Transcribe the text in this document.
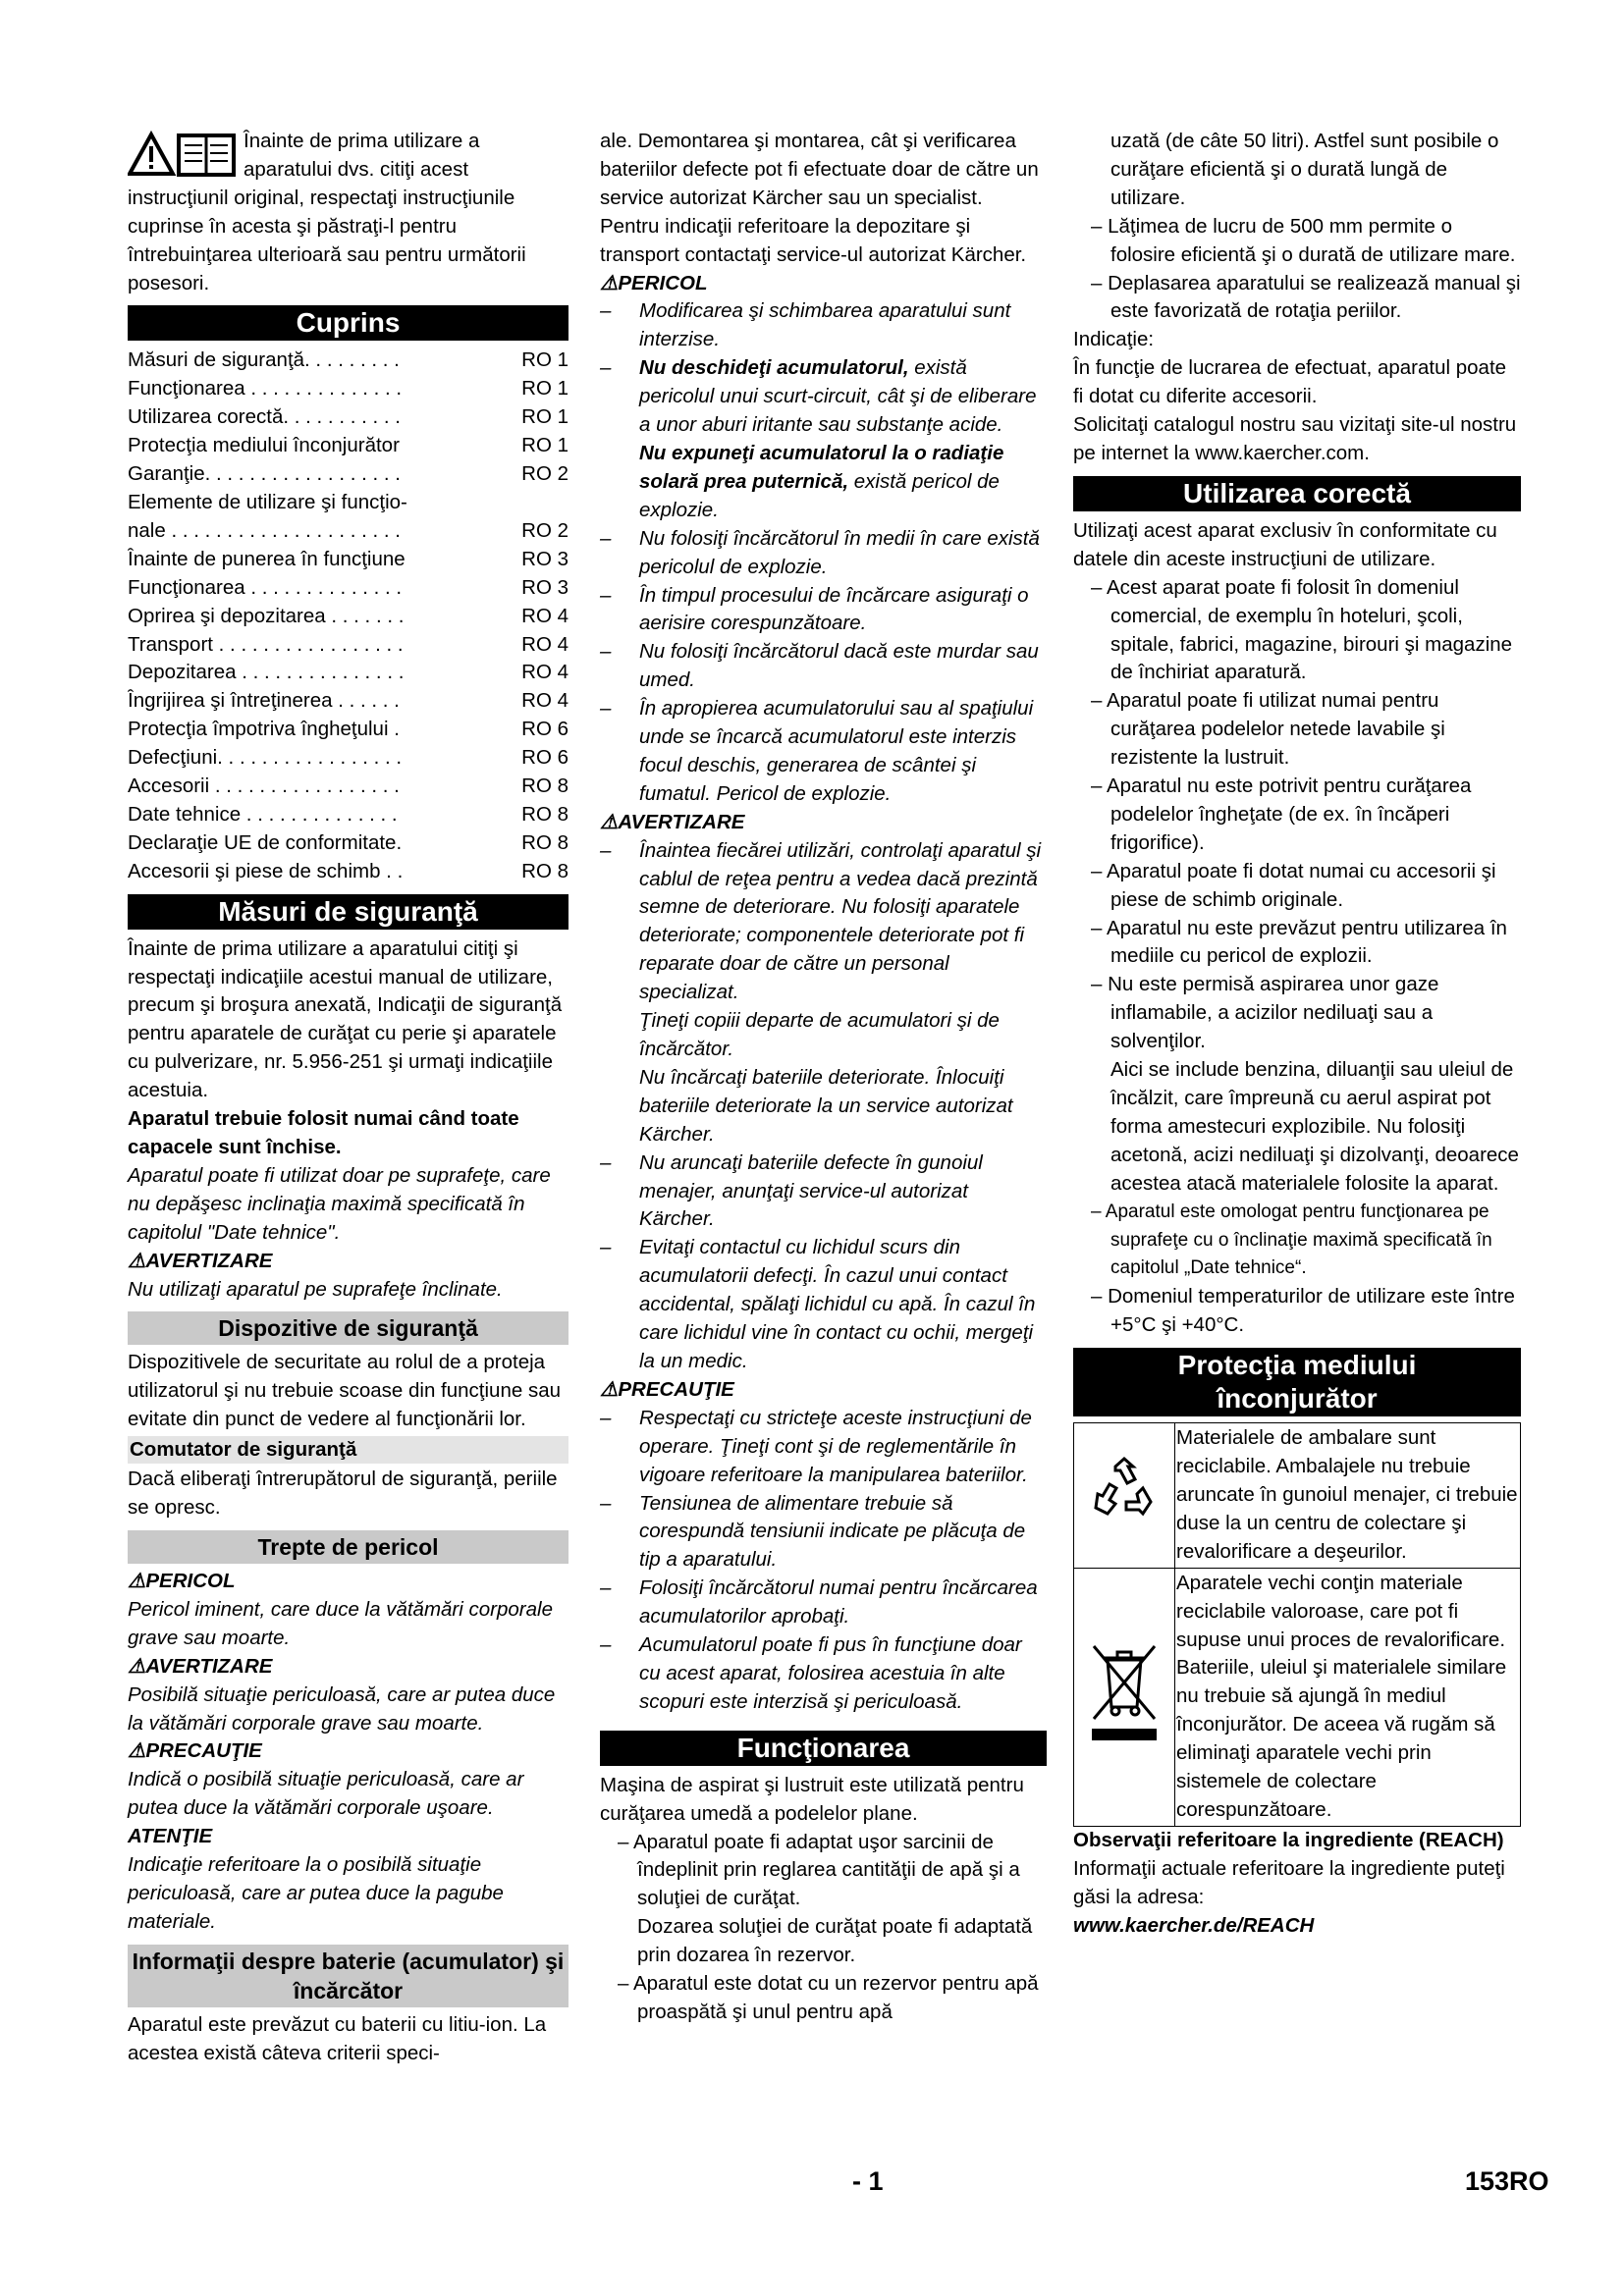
Înainte de prima utilizare a aparatului dvs. citiţi acest instrucţiunil original, respectaţi instrucţiunile cuprinse în acesta şi păstraţi-l pentru întrebuinţarea ulterioară sau pentru următorii posesori.

Cuprins
Măsuri de siguranţă. . . . . . . . .	RO 1
Funcţionarea . . . . . . . . . . . . . .	RO 1
Utilizarea corectă. . . . . . . . . . .	RO 1
Protecţia mediului înconjurător	RO 1
Garanţie. . . . . . . . . . . . . . . . . .	RO 2
Elemente de utilizare şi funcţio-
nale . . . . . . . . . . . . . . . . . . . . .	RO 2
Înainte de punerea în funcţiune	RO 3
Funcţionarea . . . . . . . . . . . . . .	RO 3
Oprirea şi depozitarea . . . . . . .	RO 4
Transport . . . . . . . . . . . . . . . . .	RO 4
Depozitarea . . . . . . . . . . . . . . .	RO 4
Îngrijirea şi întreţinerea . . . . . .	RO 4
Protecţia împotriva îngheţului .	RO 6
Defecţiuni. . . . . . . . . . . . . . . . .	RO 6
Accesorii . . . . . . . . . . . . . . . . .	RO 8
Date tehnice . . . . . . . . . . . . . .	RO 8
Declaraţie UE de conformitate.	RO 8
Accesorii şi piese de schimb . .	RO 8
Măsuri de siguranţă

Înainte de prima utilizare a aparatului citiţi şi respectaţi indicaţiile acestui manual de utilizare, precum şi broşura anexată, Indicaţii de siguranţă pentru aparatele de curăţat cu perie şi aparatele cu pulverizare, nr. 5.956-251 şi urmaţi indicaţiile acestuia.

Aparatul trebuie folosit numai când toate capacele sunt închise.

Aparatul poate fi utilizat doar pe suprafeţe, care nu depăşesc inclinaţia maximă specificată în capitolul "Date tehnice".

⚠AVERTIZARE

Nu utilizaţi aparatul pe suprafeţe înclinate.

Dispozitive de siguranţă

Dispozitivele de securitate au rolul de a proteja utilizatorul şi nu trebuie scoase din funcţiune sau evitate din punct de vedere al funcţionării lor.

Comutator de siguranţă

Dacă eliberaţi întrerupătorul de siguranţă, periile se opresc.

Trepte de pericol

⚠PERICOL

Pericol iminent, care duce la vătămări corporale grave sau moarte.

⚠AVERTIZARE

Posibilă situaţie periculoasă, care ar putea duce la vătămări corporale grave sau moarte.

⚠PRECAUŢIE

Indică o posibilă situaţie periculoasă, care ar putea duce la vătămări corporale uşoare.

ATENŢIE

Indicaţie referitoare la o posibilă situaţie periculoasă, care ar putea duce la pagube materiale.

Informaţii despre baterie (acumulator) şi încărcător

Aparatul este prevăzut cu baterii cu litiu-ion. La acestea există câteva criterii speci-

ale. Demontarea şi montarea, cât şi verificarea bateriilor defecte pot fi efectuate doar de către un service autorizat Kärcher sau un specialist.

Pentru indicaţii referitoare la depozitare şi transport contactaţi service-ul autorizat Kärcher.

⚠PERICOL

–	Modificarea şi schimbarea aparatului sunt interzise.
–	Nu deschideţi acumulatorul, există pericolul unui scurt-circuit, cât şi de eliberare a unor aburi iritante sau substanţe acide.
Nu expuneţi acumulatorul la o radiaţie solară prea puternică, există pericol de explozie.
–	Nu folosiţi încărcătorul în medii în care există pericolul de explozie.
–	În timpul procesului de încărcare asiguraţi o aerisire corespunzătoare.
–	Nu folosiţi încărcătorul dacă este murdar sau umed.
–	În apropierea acumulatorului sau al spaţiului unde se încarcă acumulatorul este interzis focul deschis, generarea de scântei şi fumatul. Pericol de explozie.

⚠AVERTIZARE

–	Înaintea fiecărei utilizări, controlaţi aparatul şi cablul de reţea pentru a vedea dacă prezintă semne de deteriorare. Nu folosiţi aparatele deteriorate; componentele deteriorate pot fi reparate doar de către un personal specializat.
Ţineţi copiii departe de acumulatori şi de încărcător.
Nu încărcaţi bateriile deteriorate. Înlocuiţi bateriile deteriorate la un service autorizat Kärcher.
–	Nu aruncaţi bateriile defecte în gunoiul menajer, anunţaţi service-ul autorizat Kärcher.
–	Evitaţi contactul cu lichidul scurs din acumulatorii defecţi. În cazul unui contact accidental, spălaţi lichidul cu apă. În cazul în care lichidul vine în contact cu ochii, mergeţi la un medic.

⚠PRECAUŢIE

–	Respectaţi cu stricteţe aceste instrucţiuni de operare. Ţineţi cont şi de reglementările în vigoare referitoare la manipularea bateriilor.
–	Tensiunea de alimentare trebuie să corespundă tensiunii indicate pe plăcuţa de tip a aparatului.
–	Folosiţi încărcătorul numai pentru încărcarea acumulatorilor aprobaţi.
–	Acumulatorul poate fi pus în funcţiune doar cu acest aparat, folosirea acestuia în alte scopuri este interzisă şi periculoasă.
Funcţionarea

Maşina de aspirat şi lustruit este utilizată pentru curăţarea umedă a podelelor plane.

– Aparatul poate fi adaptat uşor sarcinii de îndeplinit prin reglarea cantităţii de apă şi a soluţiei de curăţat.

Dozarea soluţiei de curăţat poate fi adaptată prin dozarea în rezervor.

– Aparatul este dotat cu un rezervor pentru apă proaspătă şi unul pentru apă

uzată (de câte 50 litri). Astfel sunt posibile o curăţare eficientă şi o durată lungă de utilizare.

– Lăţimea de lucru de 500 mm permite o folosire eficientă şi o durată de utilizare mare.

– Deplasarea aparatului se realizează manual şi este favorizată de rotaţia periilor.

Indicaţie:

În funcţie de lucrarea de efectuat, aparatul poate fi dotat cu diferite accesorii.

Solicitaţi catalogul nostru sau vizitaţi site-ul nostru pe internet la www.kaercher.com.

Utilizarea corectă

Utilizaţi acest aparat exclusiv în conformitate cu datele din aceste instrucţiuni de utilizare.

– Acest aparat poate fi folosit în domeniul comercial, de exemplu în hoteluri, şcoli, spitale, fabrici, magazine, birouri şi magazine de închiriat aparatură.

– Aparatul poate fi utilizat numai pentru curăţarea podelelor netede lavabile şi rezistente la lustruit.

– Aparatul nu este potrivit pentru curăţarea podelelor îngheţate (de ex. în încăperi frigorifice).

– Aparatul poate fi dotat numai cu accesorii şi piese de schimb originale.

– Aparatul nu este prevăzut pentru utilizarea în mediile cu pericol de explozii.

– Nu este permisă aspirarea unor gaze inflamabile, a acizilor nediluaţi sau a solvenţilor.

Aici se include benzina, diluanţii sau uleiul de încălzit, care împreună cu aerul aspirat pot forma amestecuri explozibile. Nu folosiţi acetonă, acizi nediluaţi şi dizolvanţi, deoarece acestea atacă materialele folosite la aparat.

– Aparatul este omologat pentru funcţionarea pe suprafeţe cu o înclinaţie maximă specificată în capitolul „Date tehnice“.

– Domeniul temperaturilor de utilizare este între +5°C şi +40°C.

Protecţia mediului
înconjurător
	Materialele de ambalare sunt reciclabile. Ambalajele nu trebuie aruncate în gunoiul menajer, ci trebuie duse la un centru de colectare şi revalorificare a deşeurilor.
	Aparatele vechi conţin materiale reciclabile valoroase, care pot fi supuse unui proces de revalorificare. Bateriile, uleiul şi materialele similare nu trebuie să ajungă în mediul înconjurător. De aceea vă rugăm să eliminaţi aparatele vechi prin sistemele de colectare corespunzătoare.

Observaţii referitoare la ingrediente (REACH)

Informaţii actuale referitoare la ingrediente puteţi găsi la adresa:

www.kaercher.de/REACH

- 1	153RO
